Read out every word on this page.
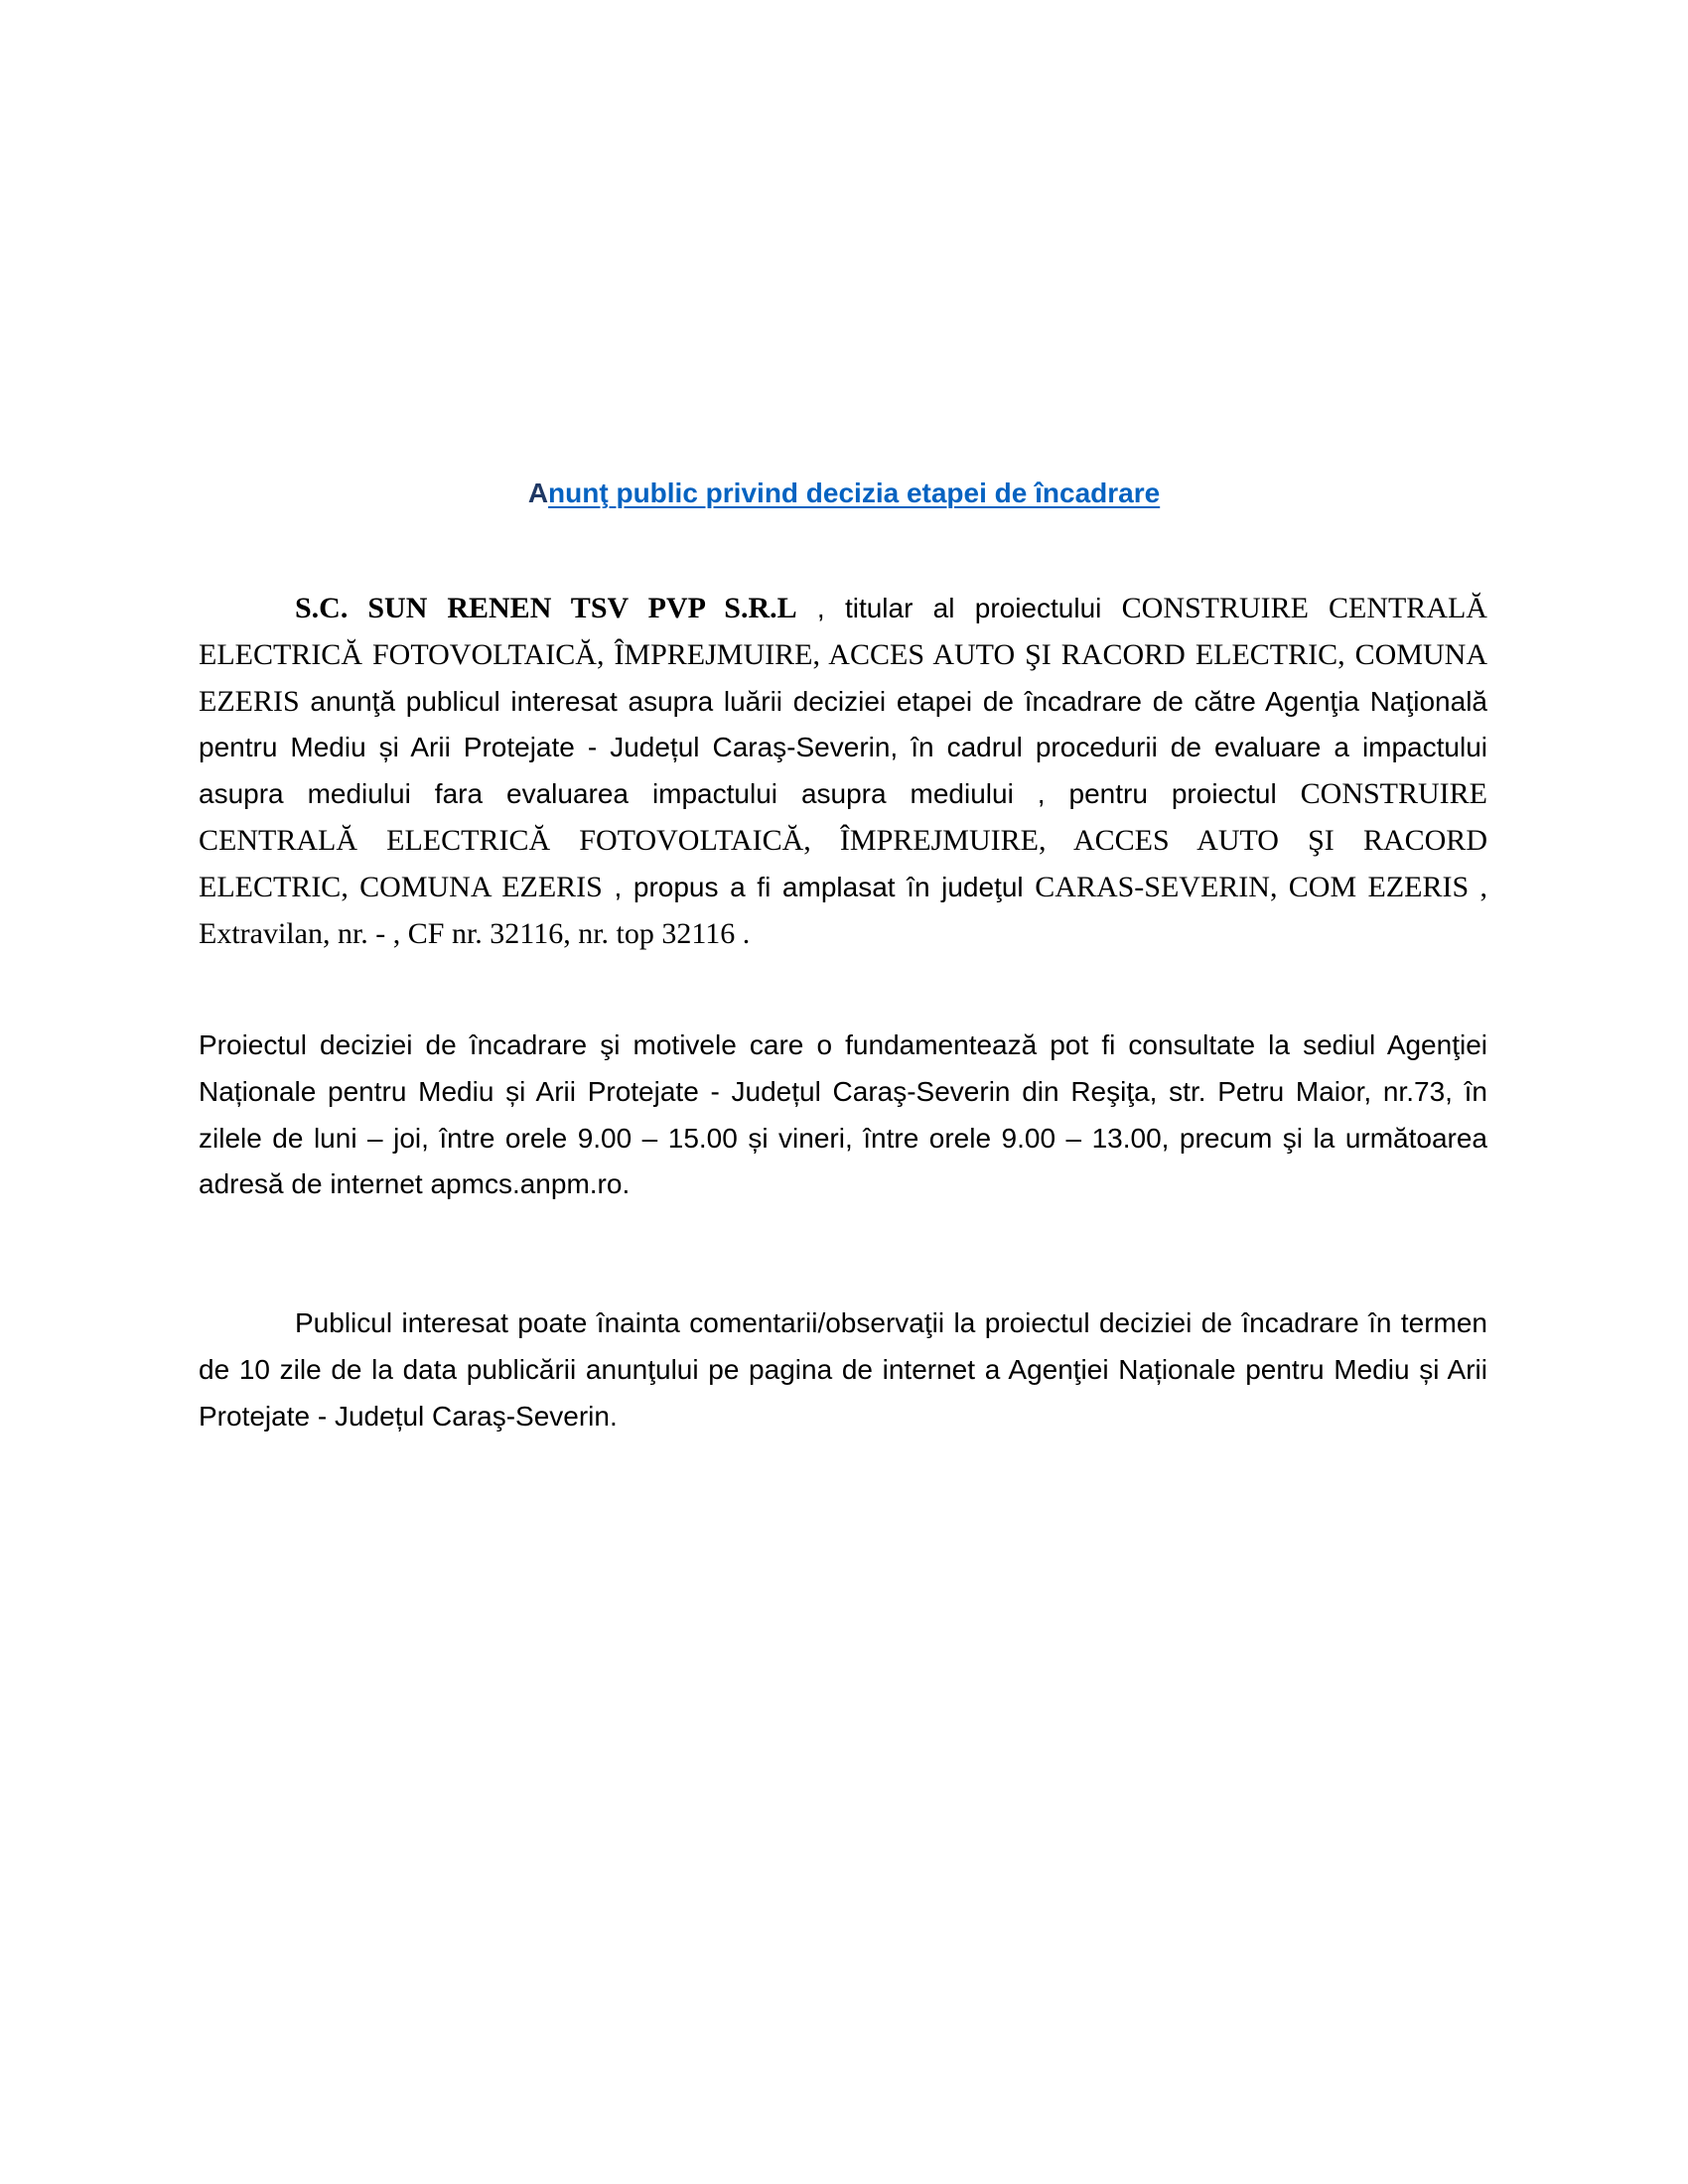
Anunţ public privind decizia etapei de încadrare

S.C. SUN RENEN TSV PVP S.R.L , titular al proiectului CONSTRUIRE CENTRALĂ ELECTRICĂ FOTOVOLTAICĂ, ÎMPREJMUIRE, ACCES AUTO ŞI RACORD ELECTRIC, COMUNA EZERIS anunţă publicul interesat asupra luării deciziei etapei de încadrare de către Agenţia Naţională pentru Mediu și Arii Protejate - Județul Caraş-Severin, în cadrul procedurii de evaluare a impactului asupra mediului fara evaluarea impactului asupra mediului , pentru proiectul CONSTRUIRE CENTRALĂ ELECTRICĂ FOTOVOLTAICĂ, ÎMPREJMUIRE, ACCES AUTO ŞI RACORD ELECTRIC, COMUNA EZERIS , propus a fi amplasat în judeţul CARAS-SEVERIN, COM EZERIS , Extravilan, nr. - , CF nr. 32116, nr. top 32116 .

Proiectul deciziei de încadrare şi motivele care o fundamentează pot fi consultate la sediul Agenţiei Naționale pentru Mediu și Arii Protejate - Județul Caraş-Severin din Reşiţa, str. Petru Maior, nr.73, în zilele de luni – joi, între orele 9.00 – 15.00 și vineri, între orele 9.00 – 13.00, precum şi la următoarea adresă de internet apmcs.anpm.ro.

Publicul interesat poate înainta comentarii/observaţii la proiectul deciziei de încadrare în termen de 10 zile de la data publicării anunţului pe pagina de internet a Agenţiei Naționale pentru Mediu și Arii Protejate - Județul Caraş-Severin.
